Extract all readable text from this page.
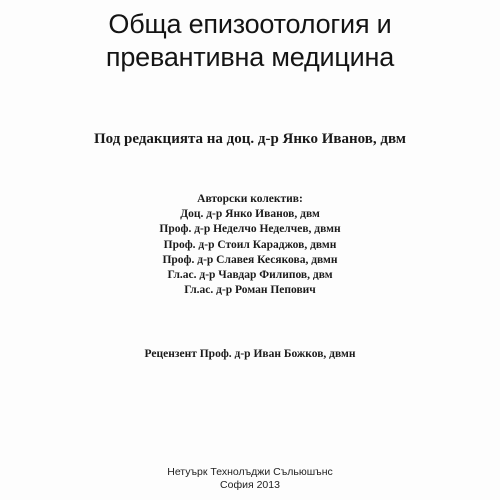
Обща епизоотология и
превантивна медицина
Под редакцията на доц. д-р Янко Иванов, двм
Авторски колектив:
Доц. д-р Янко Иванов, двм
Проф. д-р Неделчо Неделчев, двмн
Проф. д-р Стоил Караджов, двмн
Проф. д-р Славея Кесякова, двмн
Гл.ас. д-р Чавдар Филипов, двм
Гл.ас. д-р Роман Пепович
Рецензент Проф. д-р Иван Божков, двмн
Нетуърк Технолъджи Съльюшънс
София 2013
